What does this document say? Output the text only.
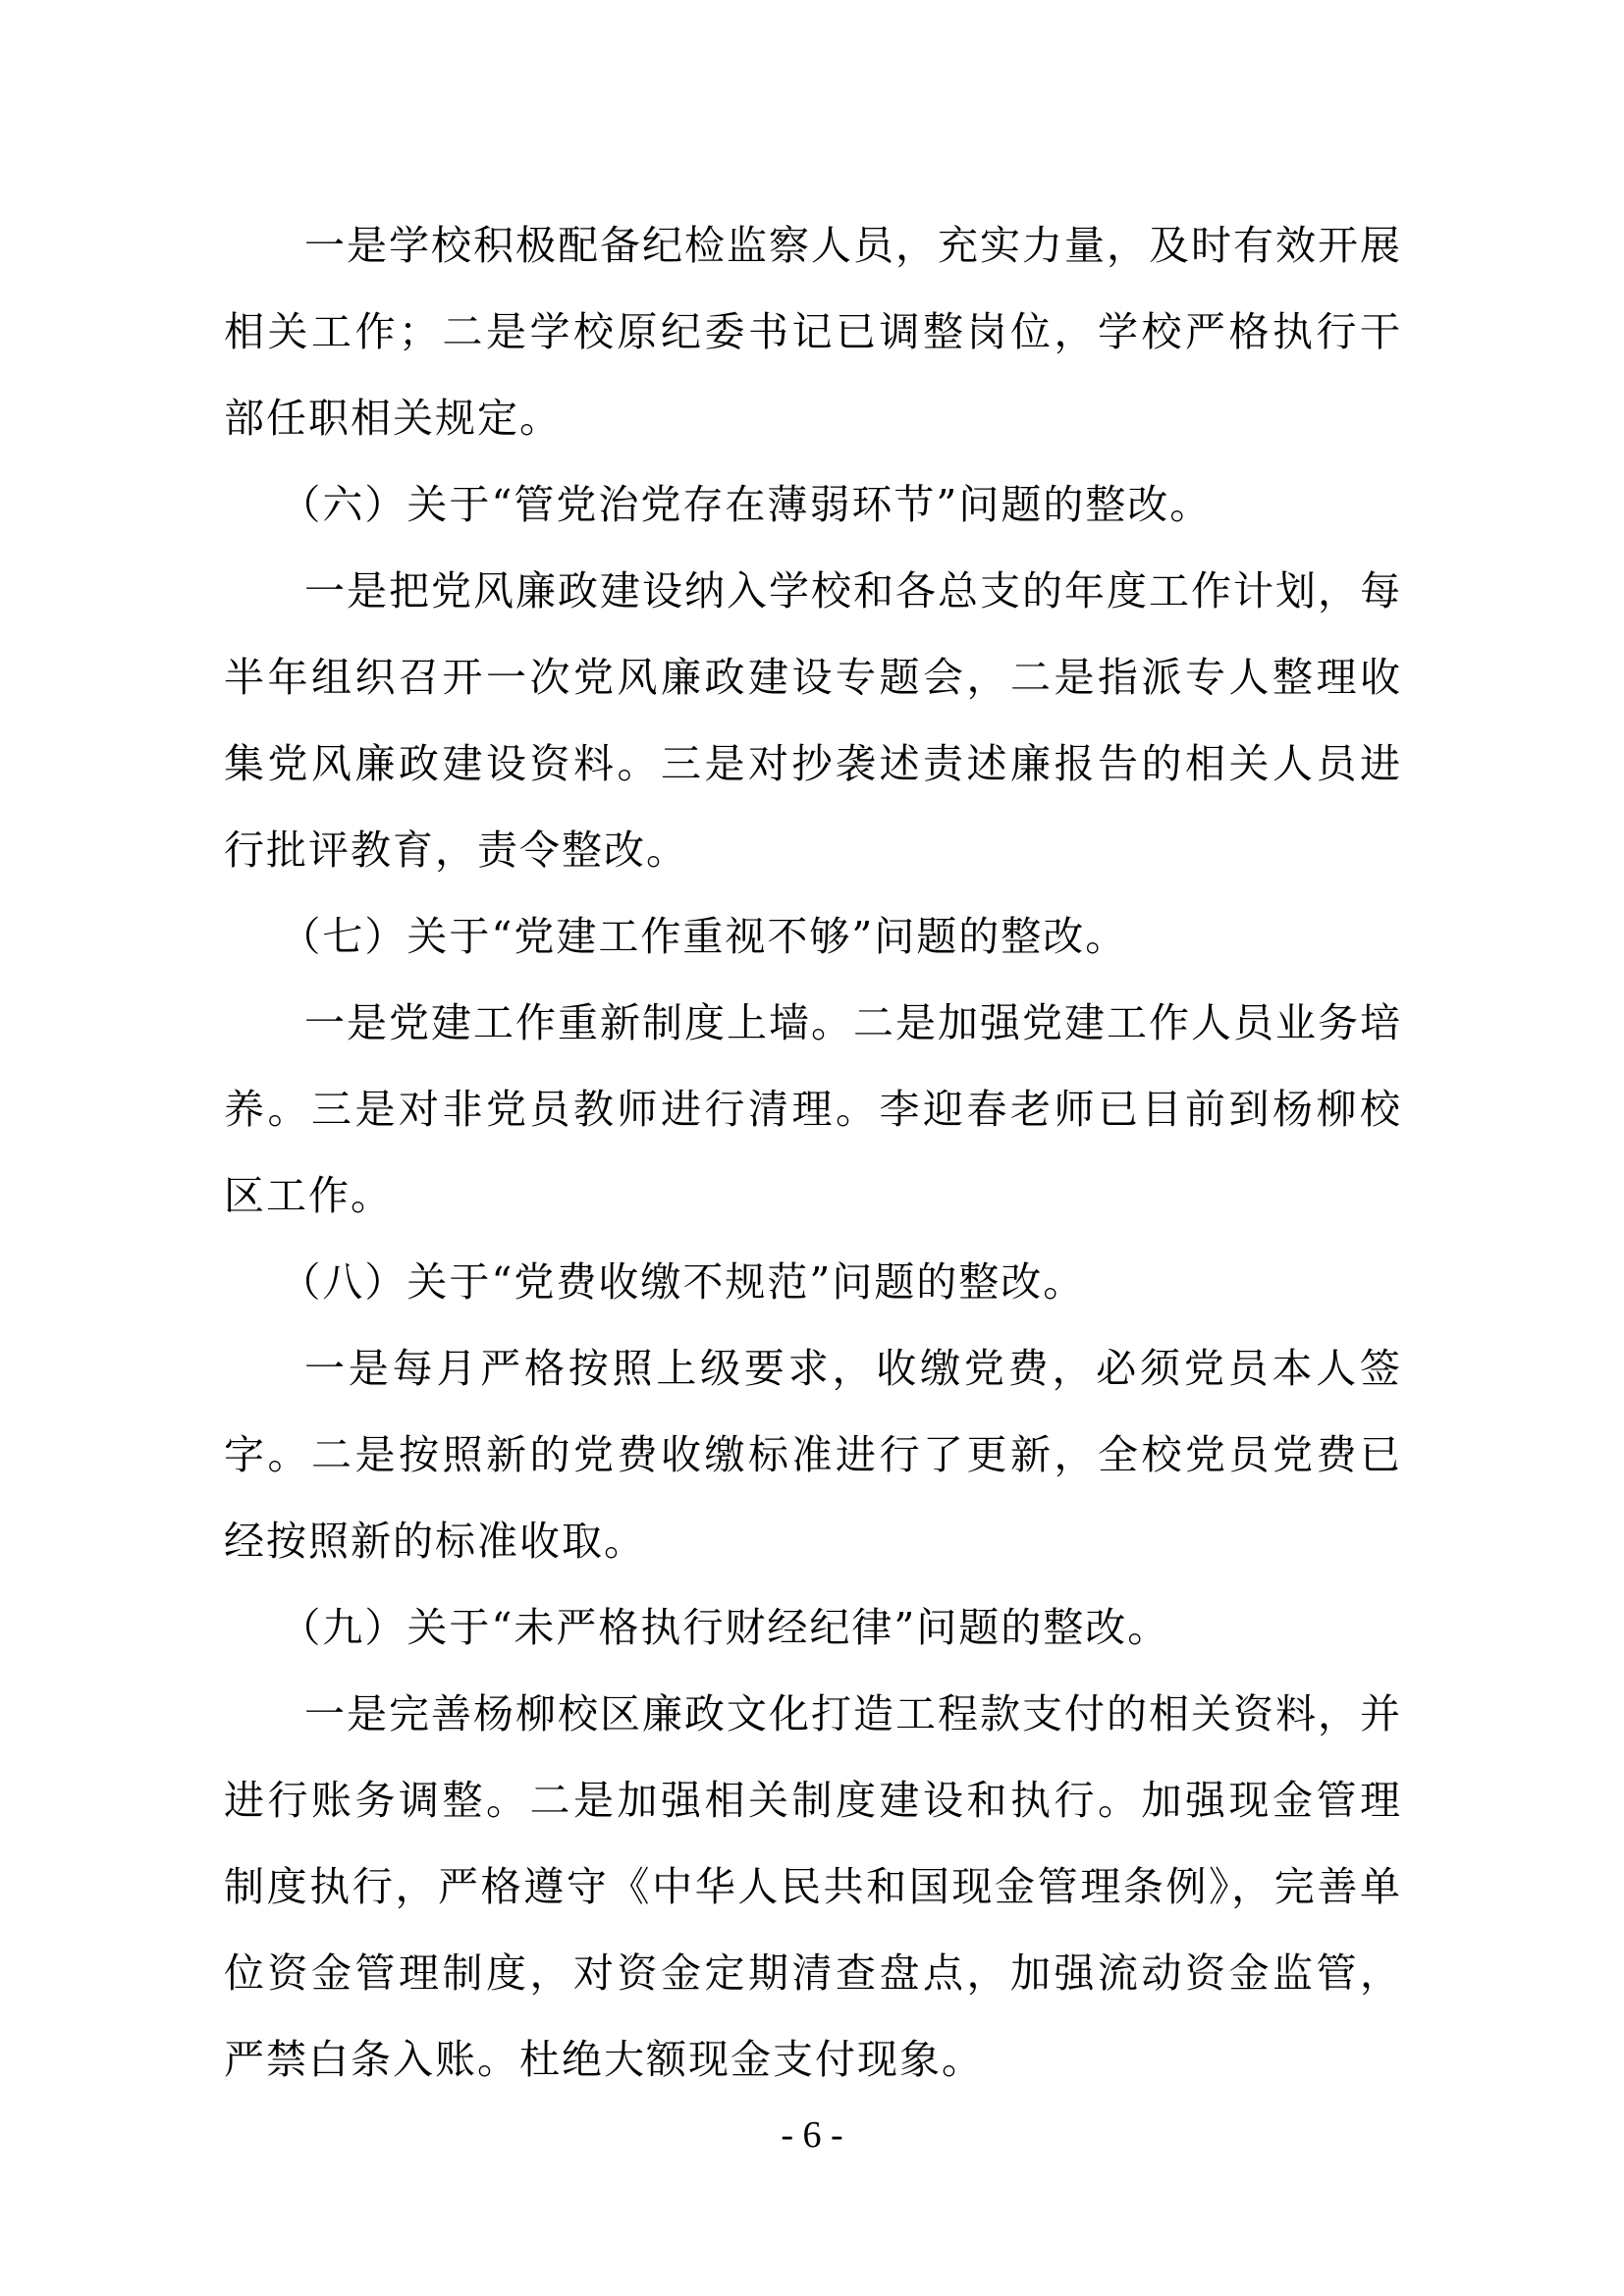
一是学校积极配备纪检监察人员，充实力量，及时有效开展相关工作；二是学校原纪委书记已调整岗位，学校严格执行干部任职相关规定。

（六）关于“管党治党存在薄弱环节”问题的整改。

一是把党风廉政建设纳入学校和各总支的年度工作计划，每半年组织召开一次党风廉政建设专题会，二是指派专人整理收集党风廉政建设资料。三是对抄袭述责述廉报告的相关人员进行批评教育，责令整改。

（七）关于“党建工作重视不够”问题的整改。

一是党建工作重新制度上墙。二是加强党建工作人员业务培养。三是对非党员教师进行清理。李迎春老师已目前到杨柳校区工作。

（八）关于“党费收缴不规范”问题的整改。

一是每月严格按照上级要求，收缴党费，必须党员本人签字。二是按照新的党费收缴标准进行了更新，全校党员党费已经按照新的标准收取。

（九）关于“未严格执行财经纪律”问题的整改。

一是完善杨柳校区廉政文化打造工程款支付的相关资料，并进行账务调整。二是加强相关制度建设和执行。加强现金管理制度执行，严格遵守《中华人民共和国现金管理条例》，完善单位资金管理制度，对资金定期清查盘点，加强流动资金监管，严禁白条入账。杜绝大额现金支付现象。

- 6 -
